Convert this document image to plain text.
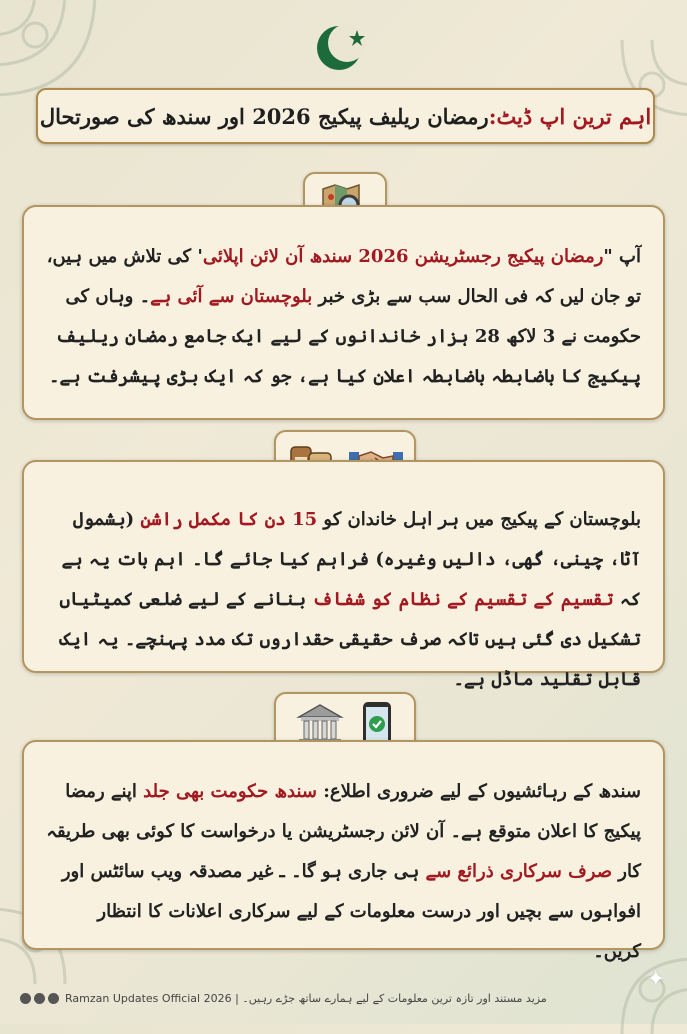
اہم ترین اپ ڈیٹ:
رمضان ریلیف پیکیج 2026 اور سندھ کی صورتحال
آپ "رمضان پیکیج رجسٹریشن 2026 سندھ آن لائن اپلائی' کی تلاش میں ہیں، تو جان لیں کہ فی الحال سب سے بڑی خبر بلوچستان سے آئی ہے۔ وہاں کی حکومت نے 3 لاکھ 28 ہزار خاندانوں کے لیے ایک جامع رمضان ریلیف پیکیج کا باضابطہ باضابطہ اعلان کیا ہے، جو کہ ایک بڑی پیشرفت ہے۔
بلوچستان کے پیکیج میں ہر اہل خاندان کو 15 دن کا مکمل راشن (بشمول آٹا، چینی، گھی، دالیں وغیرہ) فراہم کیا جائے گا۔ اہم بات یہ ہے کہ تقسیم کے تقسیم کے نظام کو شفاف بنانے کے لیے ضلعی کمیٹیاں تشکیل دی گئی ہیں تاکہ صرف حقیقی حقداروں تک مدد پہنچے۔ یہ ایک قابل تقلید ماڈل ہے۔
سندھ کے رہائشیوں کے لیے ضروری اطلاع: سندھ حکومت بھی جلد اپنے رمضا پیکیج کا اعلان متوقع ہے۔ آن لائن رجسٹریشن یا درخواست کا کوئی بھی طریقہ کار صرف سرکاری ذرائع سے ہی جاری ہو گا۔ ـ غیر مصدقہ ویب سائٹس اور افواہوں سے بچیں اور درست معلومات کے لیے سرکاری اعلانات کا انتظار کریں۔
مزید مستند اور تازہ ترین معلومات کے لیے ہمارے ساتھ جڑے رہیں۔ | 2026 Ramzan Updates Official
✦
